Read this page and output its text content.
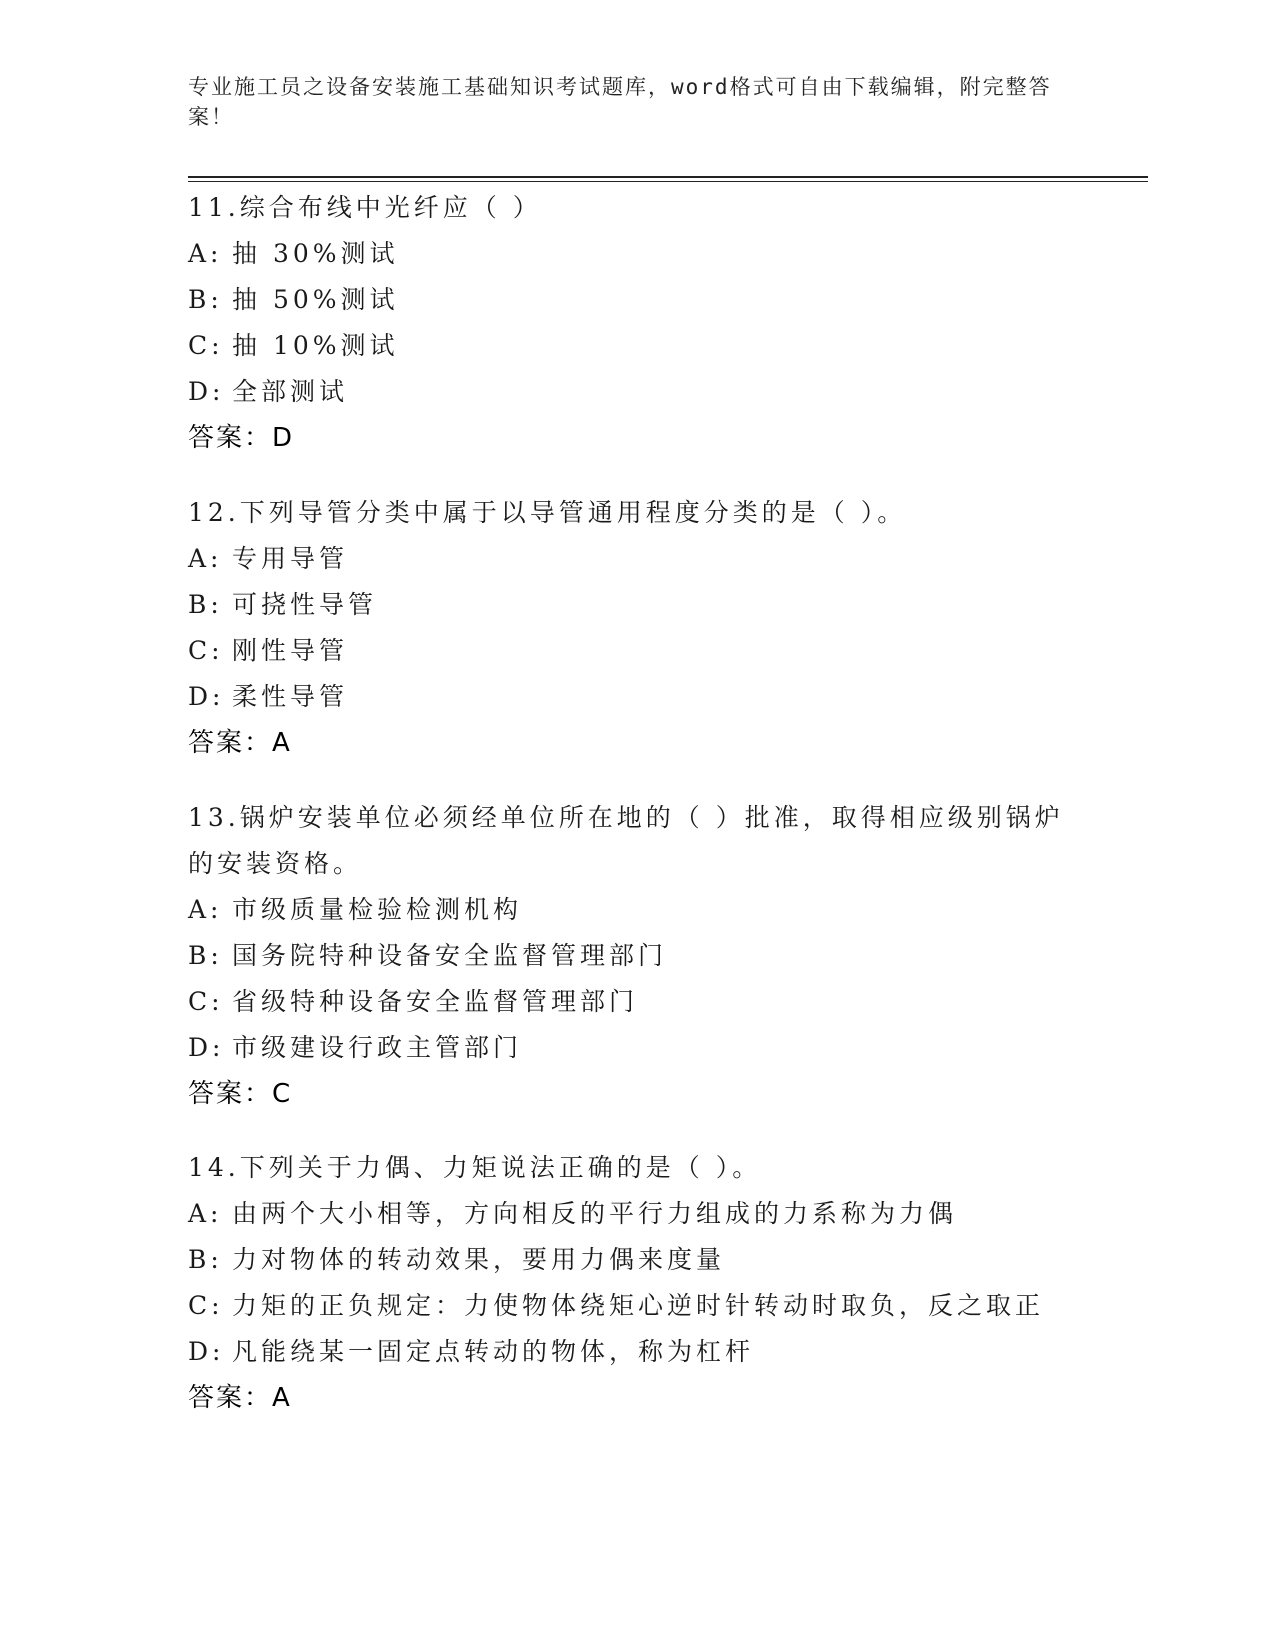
专业施工员之设备安装施工基础知识考试题库，word格式可自由下载编辑，附完整答案！
11.综合布线中光纤应（ ）
A: 抽 30%测试
B: 抽 50%测试
C: 抽 10%测试
D: 全部测试
答案：D
12.下列导管分类中属于以导管通用程度分类的是（ ）。
A: 专用导管
B: 可挠性导管
C: 刚性导管
D: 柔性导管
答案：A
13.锅炉安装单位必须经单位所在地的（ ）批准，取得相应级别锅炉的安装资格。
A: 市级质量检验检测机构
B: 国务院特种设备安全监督管理部门
C: 省级特种设备安全监督管理部门
D: 市级建设行政主管部门
答案：C
14.下列关于力偶、力矩说法正确的是（ ）。
A: 由两个大小相等，方向相反的平行力组成的力系称为力偶
B: 力对物体的转动效果，要用力偶来度量
C: 力矩的正负规定：力使物体绕矩心逆时针转动时取负，反之取正
D: 凡能绕某一固定点转动的物体，称为杠杆
答案：A
